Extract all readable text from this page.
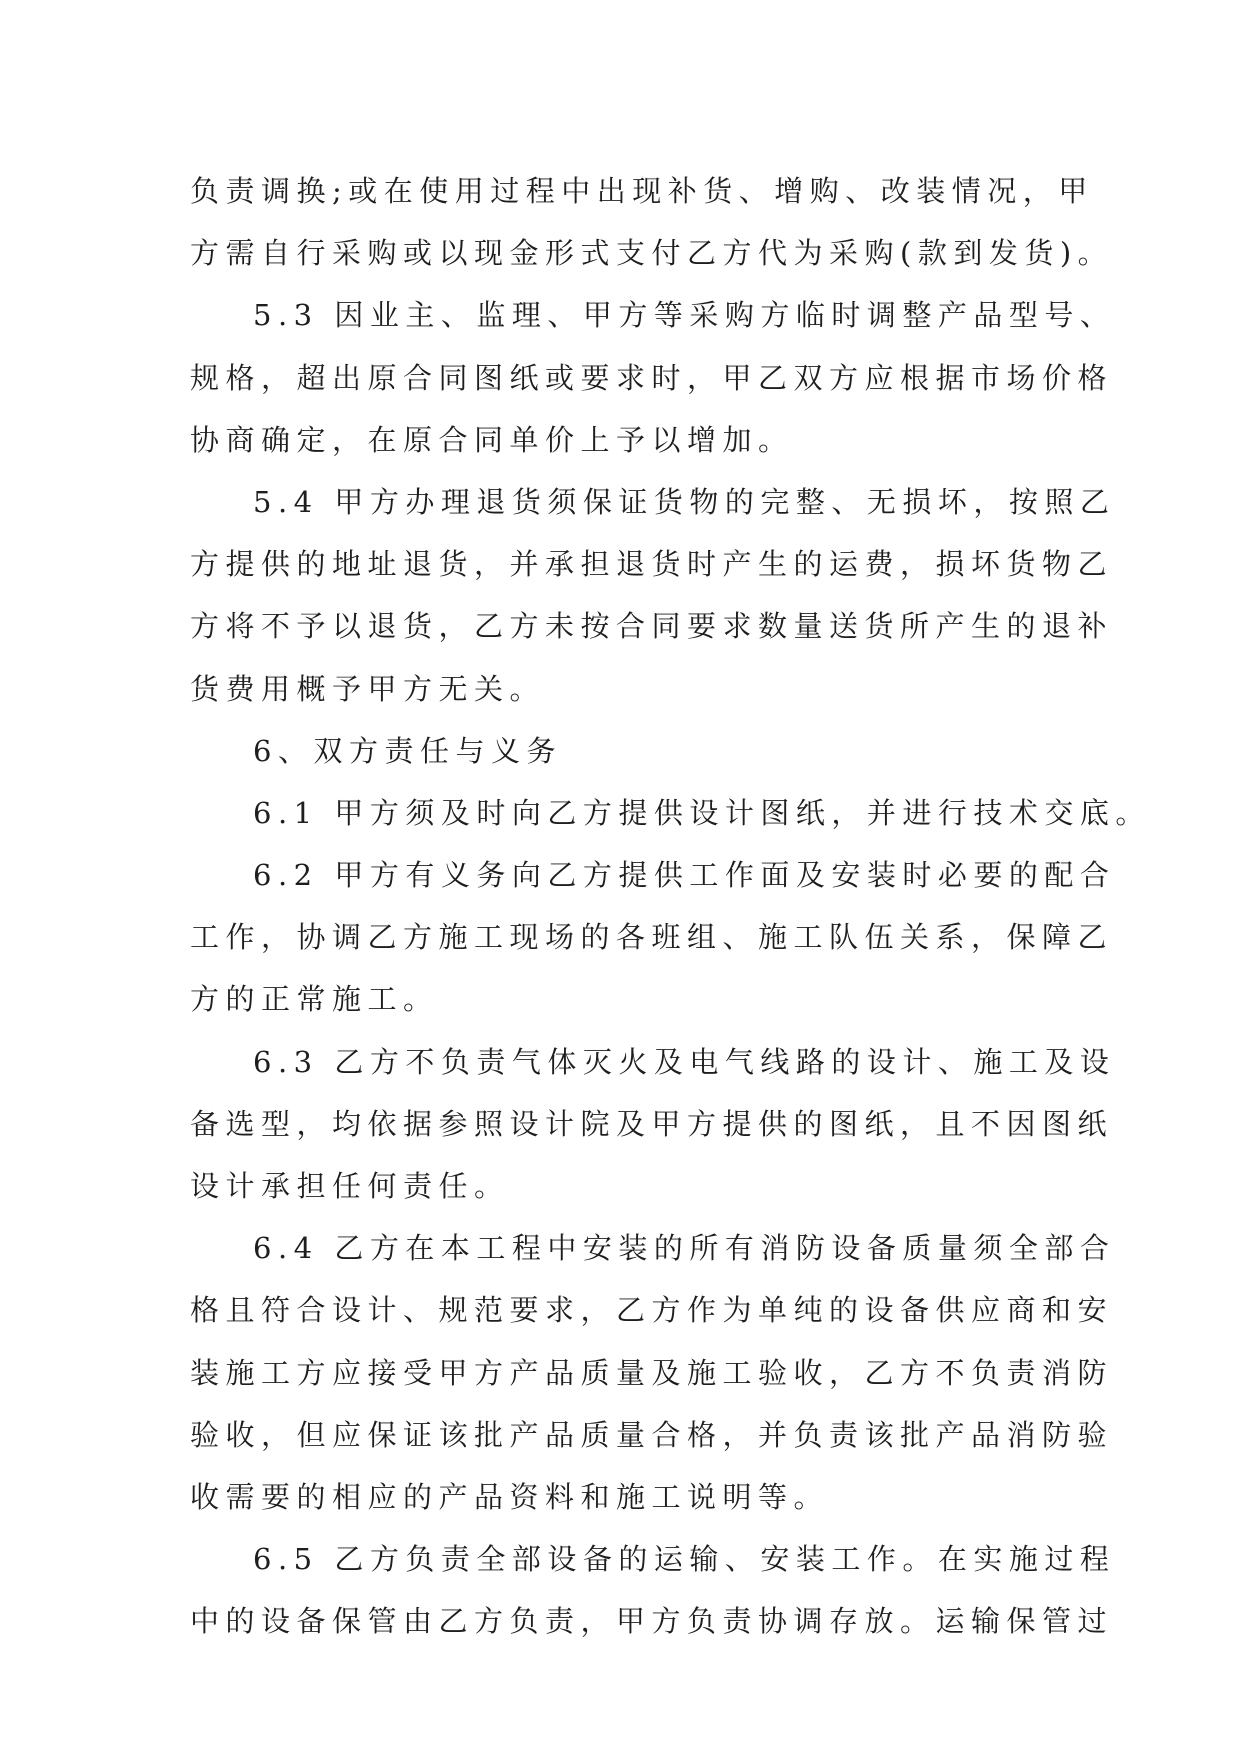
负责调换;或在使用过程中出现补货、增购、改装情况，甲
方需自行采购或以现金形式支付乙方代为采购(款到发货)。
5.3 因业主、监理、甲方等采购方临时调整产品型号、
规格，超出原合同图纸或要求时，甲乙双方应根据市场价格
协商确定，在原合同单价上予以增加。
5.4 甲方办理退货须保证货物的完整、无损坏，按照乙
方提供的地址退货，并承担退货时产生的运费，损坏货物乙
方将不予以退货，乙方未按合同要求数量送货所产生的退补
货费用概予甲方无关。
6、双方责任与义务
6.1 甲方须及时向乙方提供设计图纸，并进行技术交底。
6.2 甲方有义务向乙方提供工作面及安装时必要的配合
工作，协调乙方施工现场的各班组、施工队伍关系，保障乙
方的正常施工。
6.3 乙方不负责气体灭火及电气线路的设计、施工及设
备选型，均依据参照设计院及甲方提供的图纸，且不因图纸
设计承担任何责任。
6.4 乙方在本工程中安装的所有消防设备质量须全部合
格且符合设计、规范要求，乙方作为单纯的设备供应商和安
装施工方应接受甲方产品质量及施工验收，乙方不负责消防
验收，但应保证该批产品质量合格，并负责该批产品消防验
收需要的相应的产品资料和施工说明等。
6.5 乙方负责全部设备的运输、安装工作。在实施过程
中的设备保管由乙方负责，甲方负责协调存放。运输保管过
